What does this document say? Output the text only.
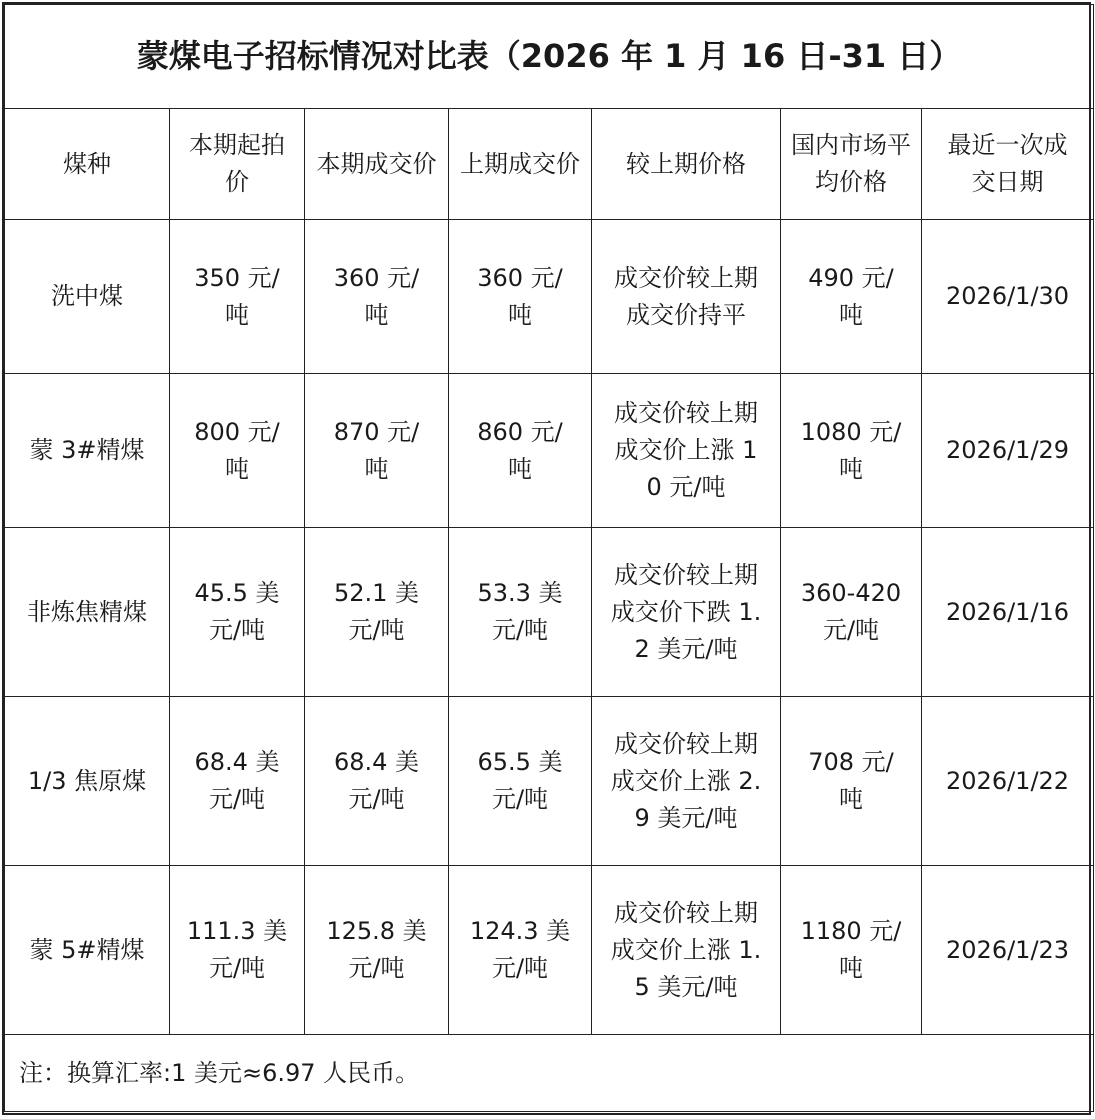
蒙煤电子招标情况对比表（2026 年 1 月 16 日-31 日）						
煤种	本期起拍价	本期成交价	上期成交价	较上期价格	国内市场平均价格	最近一次成交日期
洗中煤	350 元/吨	360 元/吨	360 元/吨	成交价较上期成交价持平	490 元/吨	2026/1/30
蒙 3#精煤	800 元/吨	870 元/吨	860 元/吨	成交价较上期成交价上涨 10 元/吨	1080 元/吨	2026/1/29
非炼焦精煤	45.5 美元/吨	52.1 美元/吨	53.3 美元/吨	成交价较上期成交价下跌 1.2 美元/吨	360-420 元/吨	2026/1/16
1/3 焦原煤	68.4 美元/吨	68.4 美元/吨	65.5 美元/吨	成交价较上期成交价上涨 2.9 美元/吨	708 元/吨	2026/1/22
蒙 5#精煤	111.3 美元/吨	125.8 美元/吨	124.3 美元/吨	成交价较上期成交价上涨 1.5 美元/吨	1180 元/吨	2026/1/23
注：换算汇率:1 美元≈6.97 人民币。						
